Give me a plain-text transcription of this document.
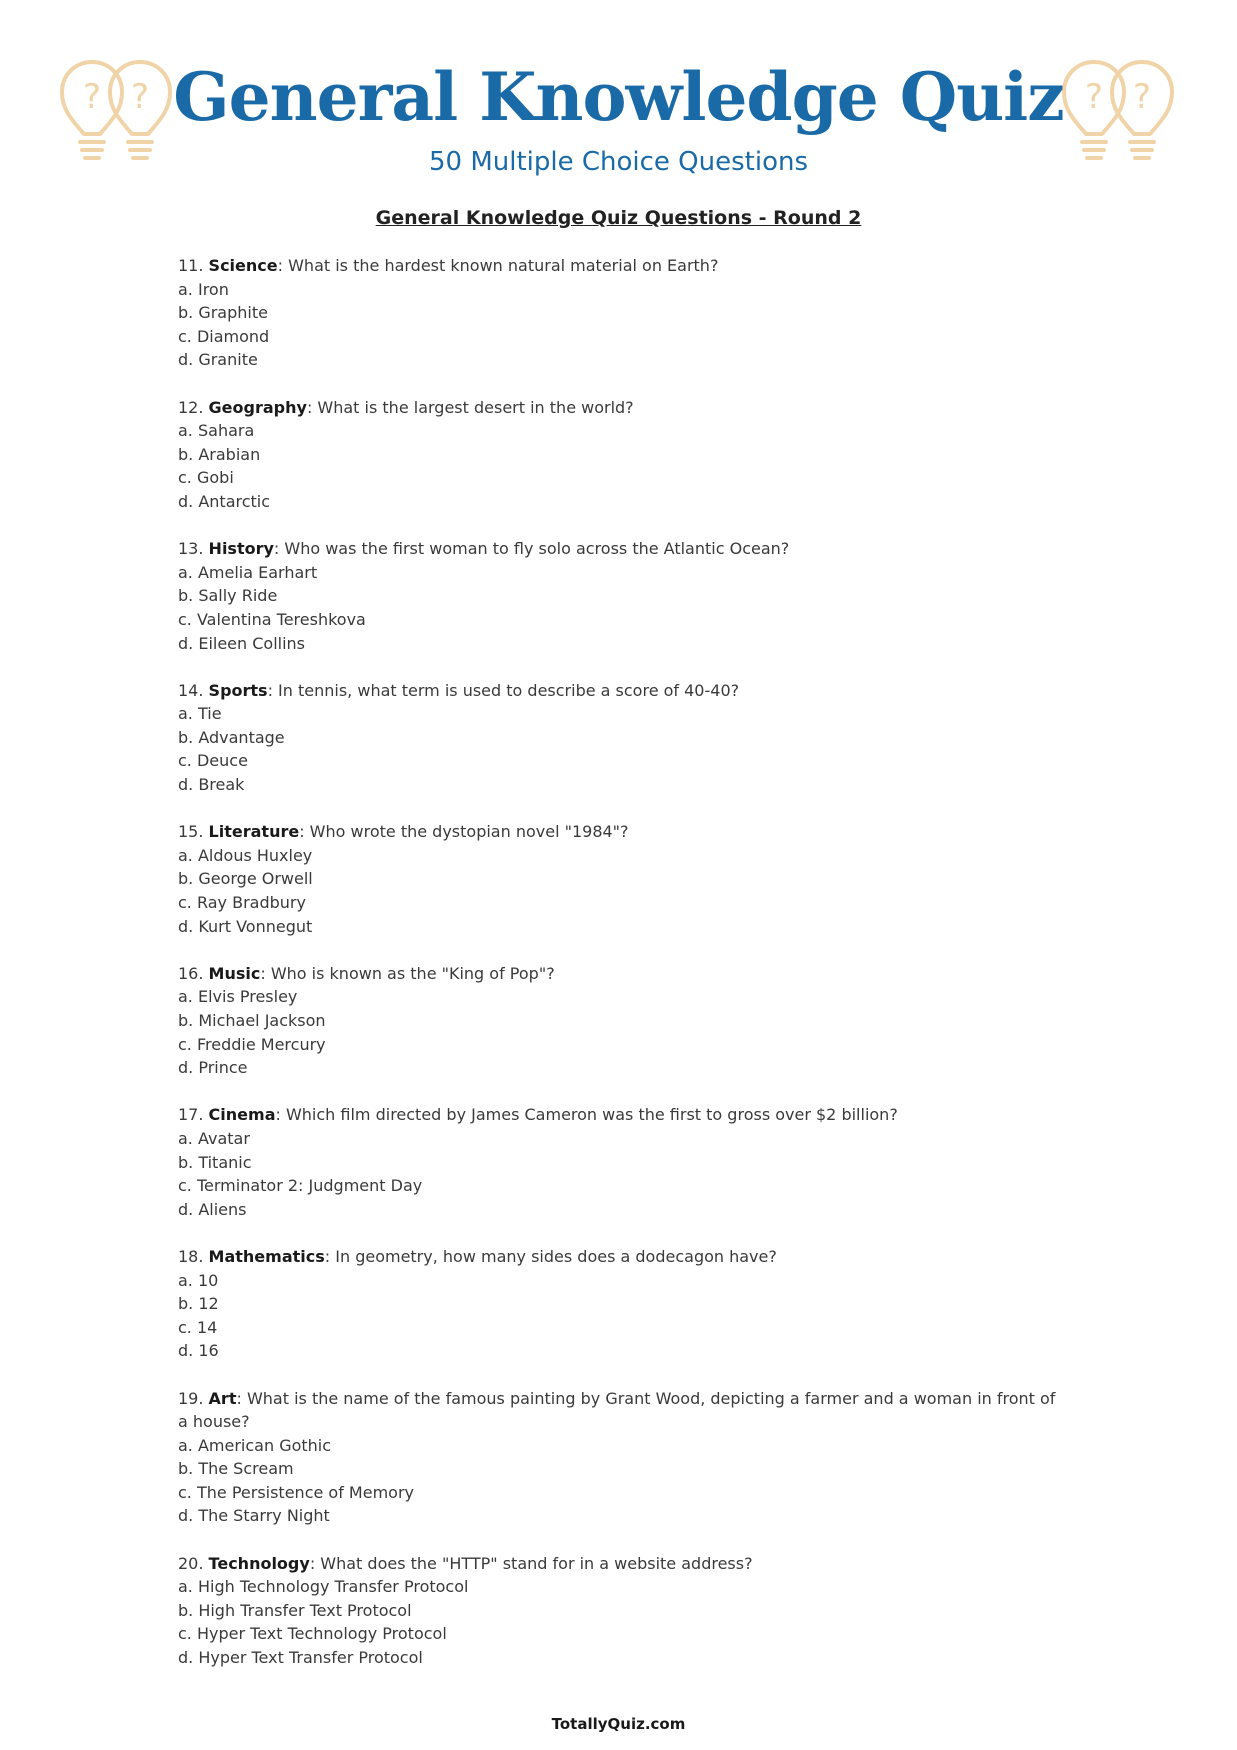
? ?	? ?
General Knowledge Quiz
50 Multiple Choice Questions
General Knowledge Quiz Questions - Round 2
11. Science: What is the hardest known natural material on Earth?
a. Iron
b. Graphite
c. Diamond
d. Granite
12. Geography: What is the largest desert in the world?
a. Sahara
b. Arabian
c. Gobi
d. Antarctic
13. History: Who was the first woman to fly solo across the Atlantic Ocean?
a. Amelia Earhart
b. Sally Ride
c. Valentina Tereshkova
d. Eileen Collins
14. Sports: In tennis, what term is used to describe a score of 40-40?
a. Tie
b. Advantage
c. Deuce
d. Break
15. Literature: Who wrote the dystopian novel "1984"?
a. Aldous Huxley
b. George Orwell
c. Ray Bradbury
d. Kurt Vonnegut
16. Music: Who is known as the "King of Pop"?
a. Elvis Presley
b. Michael Jackson
c. Freddie Mercury
d. Prince
17. Cinema: Which film directed by James Cameron was the first to gross over $2 billion?
a. Avatar
b. Titanic
c. Terminator 2: Judgment Day
d. Aliens
18. Mathematics: In geometry, how many sides does a dodecagon have?
a. 10
b. 12
c. 14
d. 16
19. Art: What is the name of the famous painting by Grant Wood, depicting a farmer and a woman in front of a house?
a. American Gothic
b. The Scream
c. The Persistence of Memory
d. The Starry Night
20. Technology: What does the "HTTP" stand for in a website address?
a. High Technology Transfer Protocol
b. High Transfer Text Protocol
c. Hyper Text Technology Protocol
d. Hyper Text Transfer Protocol
TotallyQuiz.com
